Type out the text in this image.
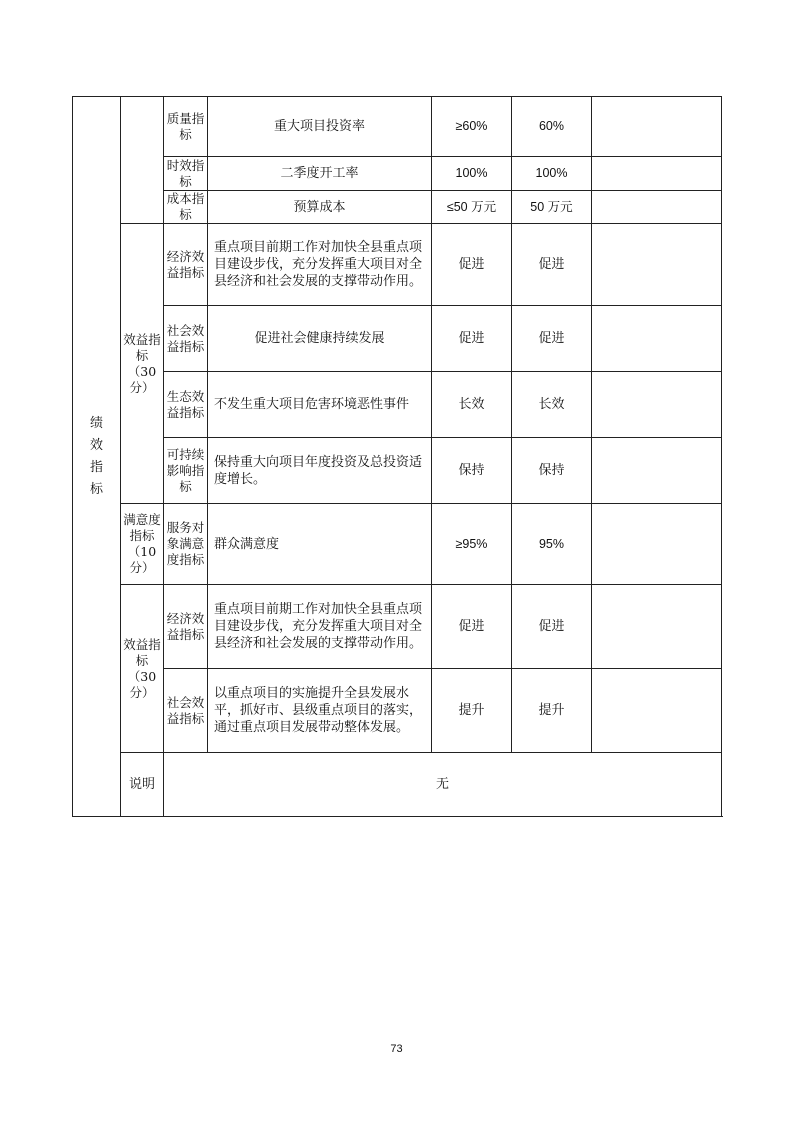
绩效指标		质量指标	重大项目投资率	≥60%	60%	
		时效指标	二季度开工率	100%	100%	
		成本指标	预算成本	≤50 万元	50 万元	
	效益指标（30分）	经济效益指标	重点项目前期工作对加快全县重点项目建设步伐，充分发挥重大项目对全县经济和社会发展的支撑带动作用。	促进	促进	
		社会效益指标	促进社会健康持续发展	促进	促进	
		生态效益指标	不发生重大项目危害环境恶性事件	长效	长效	
		可持续影响指标	保持重大向项目年度投资及总投资适度增长。	保持	保持	
	满意度指标（10分）	服务对象满意度指标	群众满意度	≥95%	95%	
	效益指标（30分）	经济效益指标	重点项目前期工作对加快全县重点项目建设步伐，充分发挥重大项目对全县经济和社会发展的支撑带动作用。	促进	促进	
		社会效益指标	以重点项目的实施提升全县发展水平，抓好市、县级重点项目的落实，通过重点项目发展带动整体发展。	提升	提升	
	说明	无				
73
